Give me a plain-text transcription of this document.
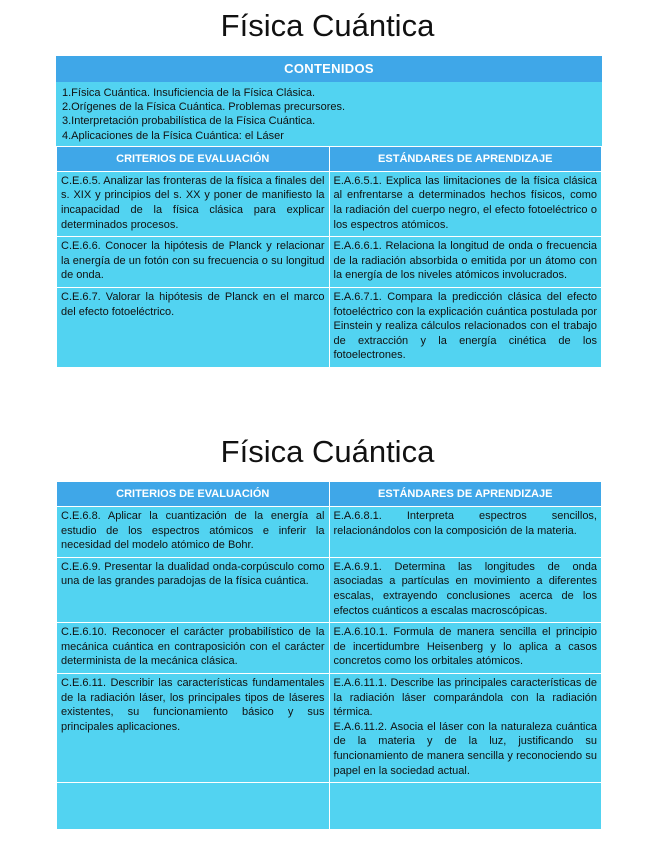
Física Cuántica
CONTENIDOS
1.Física Cuántica. Insuficiencia de la Física Clásica.
2.Orígenes de la Física Cuántica. Problemas precursores.
3.Interpretación probabilística de la Física Cuántica.
4.Aplicaciones de la Física Cuántica: el Láser
CRITERIOS DE EVALUACIÓN	ESTÁNDARES DE APRENDIZAJE
C.E.6.5. Analizar las fronteras de la física a finales del s. XIX y principios del s. XX y poner de manifiesto la incapacidad de la física clásica para explicar determinados procesos.	E.A.6.5.1. Explica las limitaciones de la física clásica al enfrentarse a determinados hechos físicos, como la radiación del cuerpo negro, el efecto fotoeléctrico o los espectros atómicos.
C.E.6.6. Conocer la hipótesis de Planck y relacionar la energía de un fotón con su frecuencia o su longitud de onda.	E.A.6.6.1. Relaciona la longitud de onda o frecuencia de la radiación absorbida o emitida por un átomo con la energía de los niveles atómicos involucrados.
C.E.6.7. Valorar la hipótesis de Planck en el marco del efecto fotoeléctrico.	E.A.6.7.1. Compara la predicción clásica del efecto fotoeléctrico con la explicación cuántica postulada por Einstein y realiza cálculos relacionados con el trabajo de extracción y la energía cinética de los fotoelectrones.
Física Cuántica
CRITERIOS DE EVALUACIÓN	ESTÁNDARES DE APRENDIZAJE
C.E.6.8. Aplicar la cuantización de la energía al estudio de los espectros atómicos e inferir la necesidad del modelo atómico de Bohr.	E.A.6.8.1. Interpreta espectros sencillos, relacionándolos con la composición de la materia.
C.E.6.9. Presentar la dualidad onda-corpúsculo como una de las grandes paradojas de la física cuántica.	E.A.6.9.1. Determina las longitudes de onda asociadas a partículas en movimiento a diferentes escalas, extrayendo conclusiones acerca de los efectos cuánticos a escalas macroscópicas.
C.E.6.10. Reconocer el carácter probabilístico de la mecánica cuántica en contraposición con el carácter determinista de la mecánica clásica.	E.A.6.10.1. Formula de manera sencilla el principio de incertidumbre Heisenberg y lo aplica a casos concretos como los orbitales atómicos.
C.E.6.11. Describir las características fundamentales de la radiación láser, los principales tipos de láseres existentes, su funcionamiento básico y sus principales aplicaciones.	E.A.6.11.1. Describe las principales características de la radiación láser comparándola con la radiación térmica.
E.A.6.11.2. Asocia el láser con la naturaleza cuántica de la materia y de la luz, justificando su funcionamiento de manera sencilla y reconociendo su papel en la sociedad actual.
